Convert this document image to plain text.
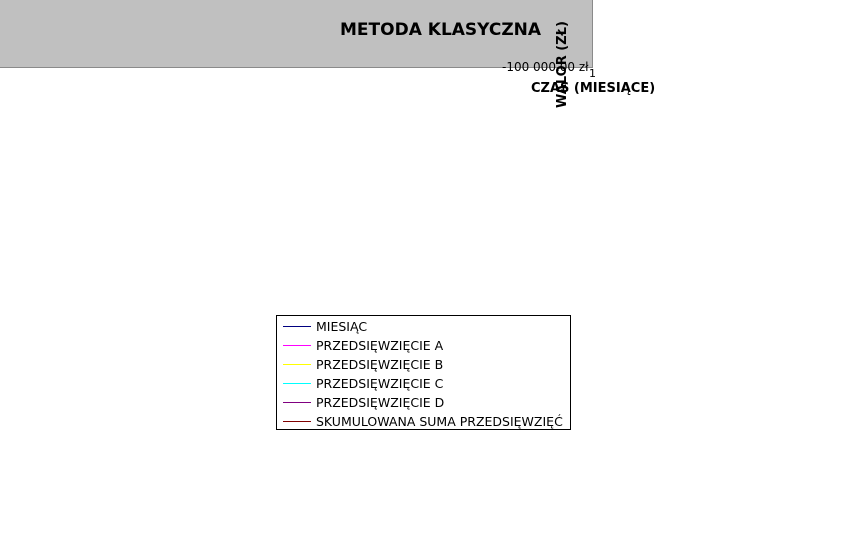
METODA KLASYCZNA
-100 000,00 zł 1
WALOR (ZŁ)
CZAS (MIESIĄCE)
MIESIĄC
PRZEDSIĘWZIĘCIE A
PRZEDSIĘWZIĘCIE B
PRZEDSIĘWZIĘCIE C
PRZEDSIĘWZIĘCIE D
SKUMULOWANA SUMA PRZEDSIĘWZIĘĆ
